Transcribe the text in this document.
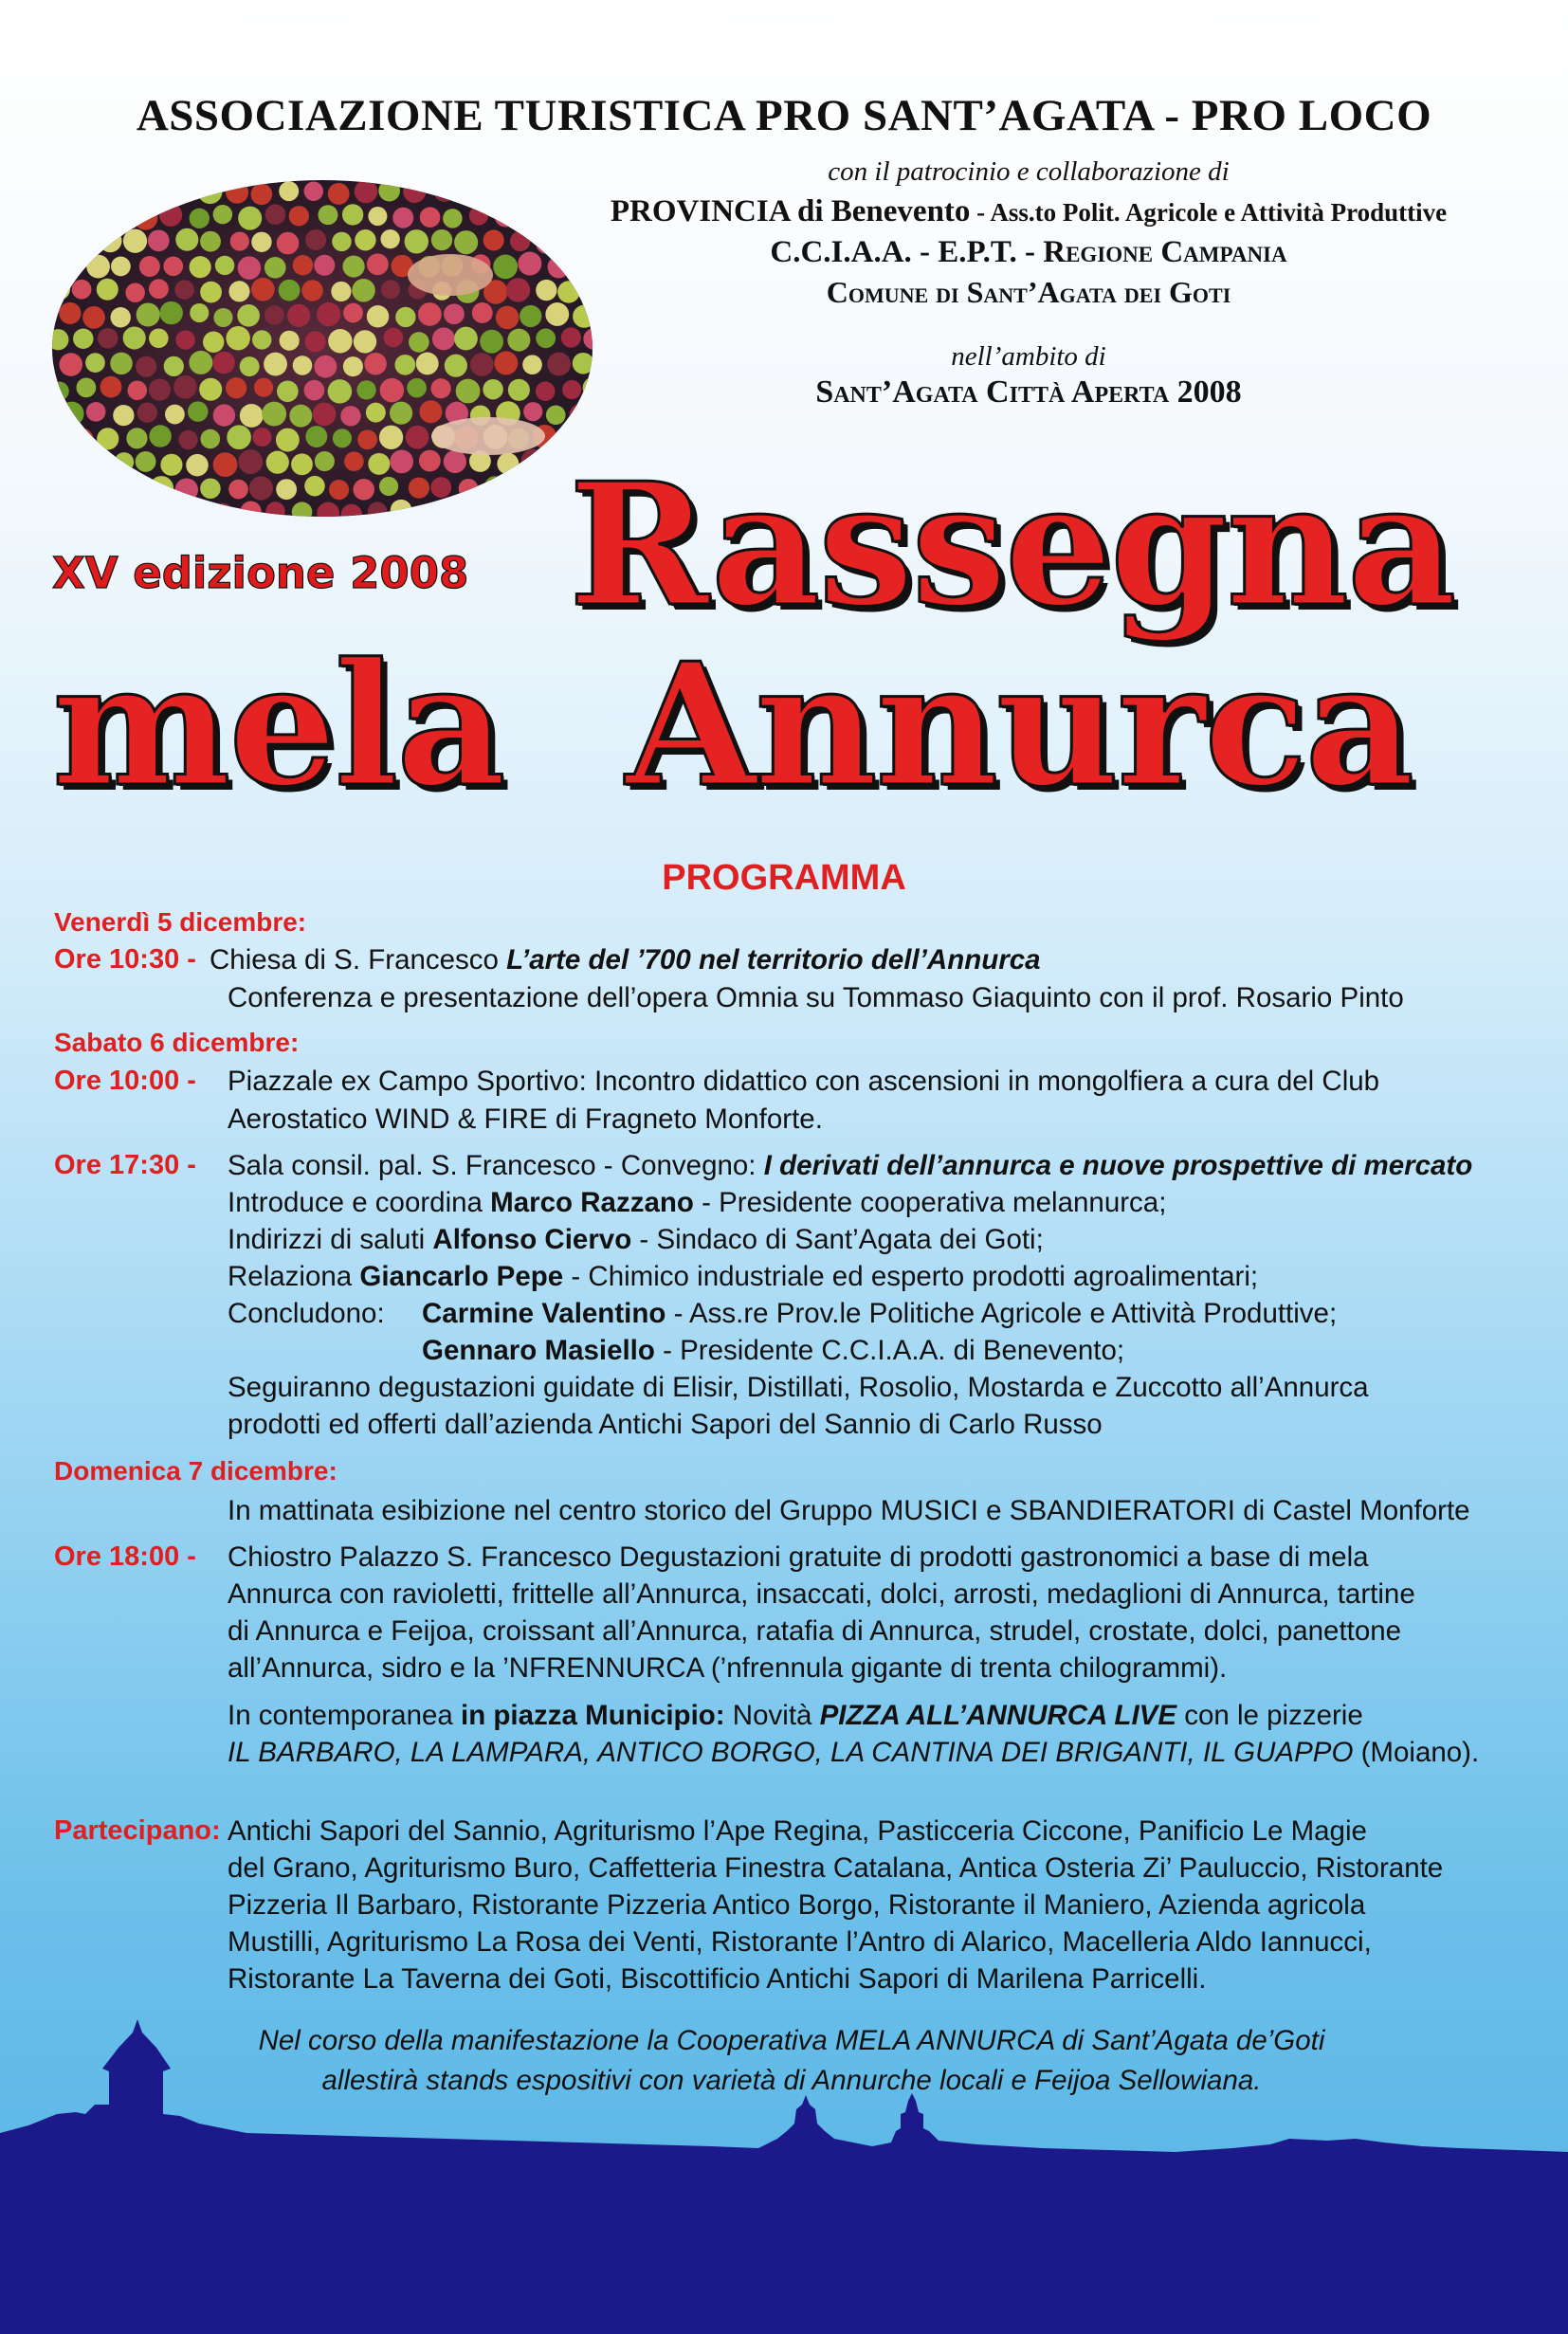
ASSOCIAZIONE TURISTICA PRO SANT’AGATA - PRO LOCO
con il patrocinio e collaborazione di
PROVINCIA di Benevento - Ass.to Polit. Agricole e Attività Produttive
C.C.I.A.A. - E.P.T. - Regione Campania
Comune di Sant’Agata dei Goti
nell’ambito di
Sant’Agata Città Aperta 2008
XV edizione 2008 Rassegna
mela Annurca
PROGRAMMA
Venerdì 5 dicembre:
Ore 10:30 - Chiesa di S. Francesco L’arte del ’700 nel territorio dell’Annurca
Conferenza e presentazione dell’opera Omnia su Tommaso Giaquinto con il prof. Rosario Pinto
Sabato 6 dicembre:
Ore 10:00 - Piazzale ex Campo Sportivo: Incontro didattico con ascensioni in mongolfiera a cura del Club
Aerostatico WIND & FIRE di Fragneto Monforte.
Ore 17:30 - Sala consil. pal. S. Francesco - Convegno: I derivati dell’annurca e nuove prospettive di mercato
Introduce e coordina Marco Razzano - Presidente cooperativa melannurca;
Indirizzi di saluti Alfonso Ciervo - Sindaco di Sant’Agata dei Goti;
Relaziona Giancarlo Pepe - Chimico industriale ed esperto prodotti agroalimentari;
Concludono: Carmine Valentino - Ass.re Prov.le Politiche Agricole e Attività Produttive;
Gennaro Masiello - Presidente C.C.I.A.A. di Benevento;
Seguiranno degustazioni guidate di Elisir, Distillati, Rosolio, Mostarda e Zuccotto all’Annurca
prodotti ed offerti dall’azienda Antichi Sapori del Sannio di Carlo Russo
Domenica 7 dicembre:
In mattinata esibizione nel centro storico del Gruppo MUSICI e SBANDIERATORI di Castel Monforte
Ore 18:00 - Chiostro Palazzo S. Francesco Degustazioni gratuite di prodotti gastronomici a base di mela
Annurca con ravioletti, frittelle all’Annurca, insaccati, dolci, arrosti, medaglioni di Annurca, tartine
di Annurca e Feijoa, croissant all’Annurca, ratafia di Annurca, strudel, crostate, dolci, panettone
all’Annurca, sidro e la ’NFRENNURCA (’nfrennula gigante di trenta chilogrammi).
In contemporanea in piazza Municipio: Novità PIZZA ALL’ANNURCA LIVE con le pizzerie
IL BARBARO, LA LAMPARA, ANTICO BORGO, LA CANTINA DEI BRIGANTI, IL GUAPPO (Moiano).
Partecipano: Antichi Sapori del Sannio, Agriturismo l’Ape Regina, Pasticceria Ciccone, Panificio Le Magie
del Grano, Agriturismo Buro, Caffetteria Finestra Catalana, Antica Osteria Zi’ Pauluccio, Ristorante
Pizzeria Il Barbaro, Ristorante Pizzeria Antico Borgo, Ristorante il Maniero, Azienda agricola
Mustilli, Agriturismo La Rosa dei Venti, Ristorante l’Antro di Alarico, Macelleria Aldo Iannucci,
Ristorante La Taverna dei Goti, Biscottificio Antichi Sapori di Marilena Parricelli.
Nel corso della manifestazione la Cooperativa MELA ANNURCA di Sant’Agata de’Goti
allestirà stands espositivi con varietà di Annurche locali e Feijoa Sellowiana.
